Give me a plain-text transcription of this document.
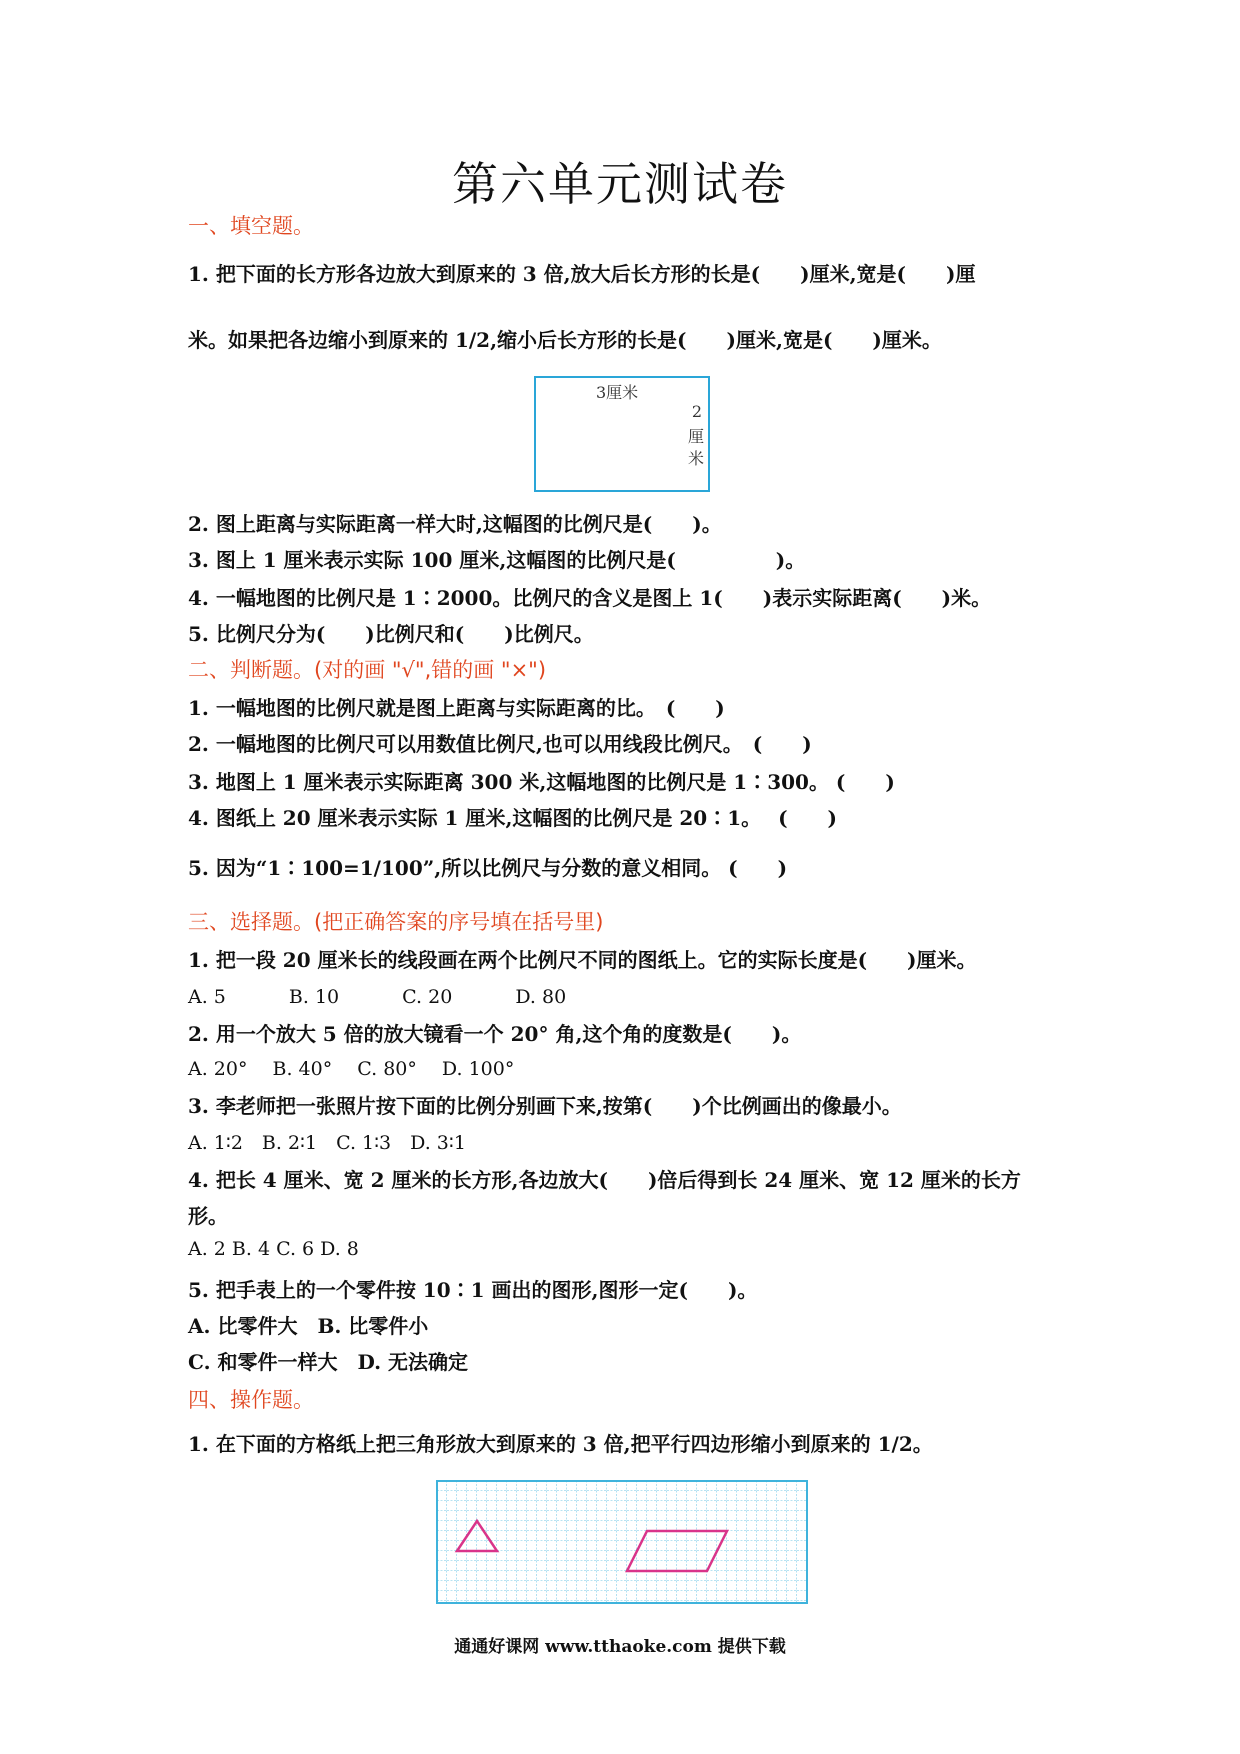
第六单元测试卷
一、填空题。
1. 把下面的长方形各边放大到原来的 3 倍,放大后长方形的长是(　　)厘米,宽是(　　)厘
米。如果把各边缩小到原来的 1/2,缩小后长方形的长是(　　)厘米,宽是(　　)厘米。
3厘米
2
厘
米
2. 图上距离与实际距离一样大时,这幅图的比例尺是(　　)。
3. 图上 1 厘米表示实际 100 厘米,这幅图的比例尺是(　　　　　)。
4. 一幅地图的比例尺是 1∶2000。比例尺的含义是图上 1(　　)表示实际距离(　　)米。
5. 比例尺分为(　　)比例尺和(　　)比例尺。
二、判断题。(对的画 "√",错的画 "×")
1. 一幅地图的比例尺就是图上距离与实际距离的比。　(　　)
2. 一幅地图的比例尺可以用数值比例尺,也可以用线段比例尺。　(　　)
3. 地图上 1 厘米表示实际距离 300 米,这幅地图的比例尺是 1∶300。 (　　)
4. 图纸上 20 厘米表示实际 1 厘米,这幅图的比例尺是 20∶1。　 (　　)
5. 因为“1∶100=1/100”,所以比例尺与分数的意义相同。 (　　)
三、选择题。(把正确答案的序号填在括号里)
1. 把一段 20 厘米长的线段画在两个比例尺不同的图纸上。它的实际长度是(　　)厘米。
A. 5　　　 B. 10　　　 C. 20　　　 D. 80
2. 用一个放大 5 倍的放大镜看一个 20° 角,这个角的度数是(　　)。
A. 20°　 B. 40°　 C. 80°　 D. 100°
3. 李老师把一张照片按下面的比例分别画下来,按第(　　)个比例画出的像最小。
A. 1∶2　B. 2∶1　C. 1∶3　D. 3∶1
4. 把长 4 厘米、宽 2 厘米的长方形,各边放大(　　)倍后得到长 24 厘米、宽 12 厘米的长方
形。
A. 2 B. 4 C. 6 D. 8
5. 把手表上的一个零件按 10∶1 画出的图形,图形一定(　　)。
A. 比零件大　B. 比零件小
C. 和零件一样大　D. 无法确定
四、操作题。
1. 在下面的方格纸上把三角形放大到原来的 3 倍,把平行四边形缩小到原来的 1/2。
通通好课网 www.tthaoke.com 提供下载
